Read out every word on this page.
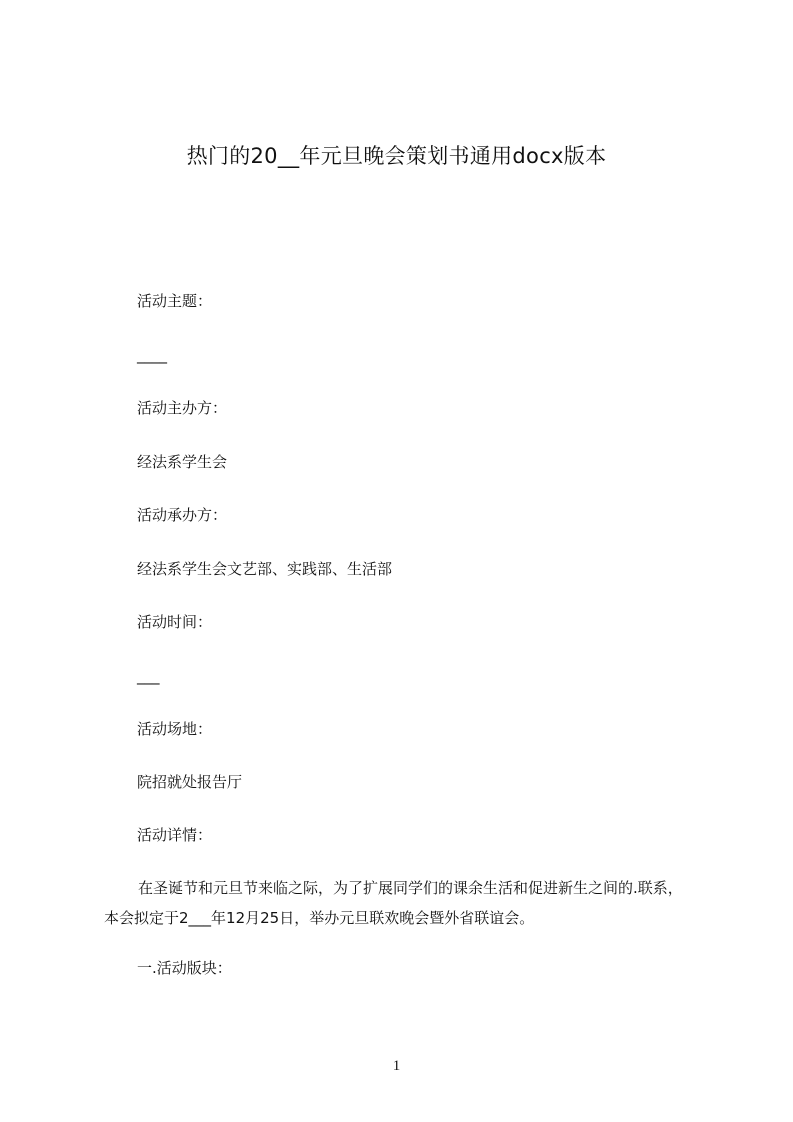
热门的20__年元旦晚会策划书通用docx版本
活动主题：
____
活动主办方：
经法系学生会
活动承办方：
经法系学生会文艺部、实践部、生活部
活动时间：
___
活动场地：
院招就处报告厅
活动详情：
在圣诞节和元旦节来临之际，为了扩展同学们的课余生活和促进新生之间的.联系，
本会拟定于2___年12月25日，举办元旦联欢晚会暨外省联谊会。
一.活动版块：
1
